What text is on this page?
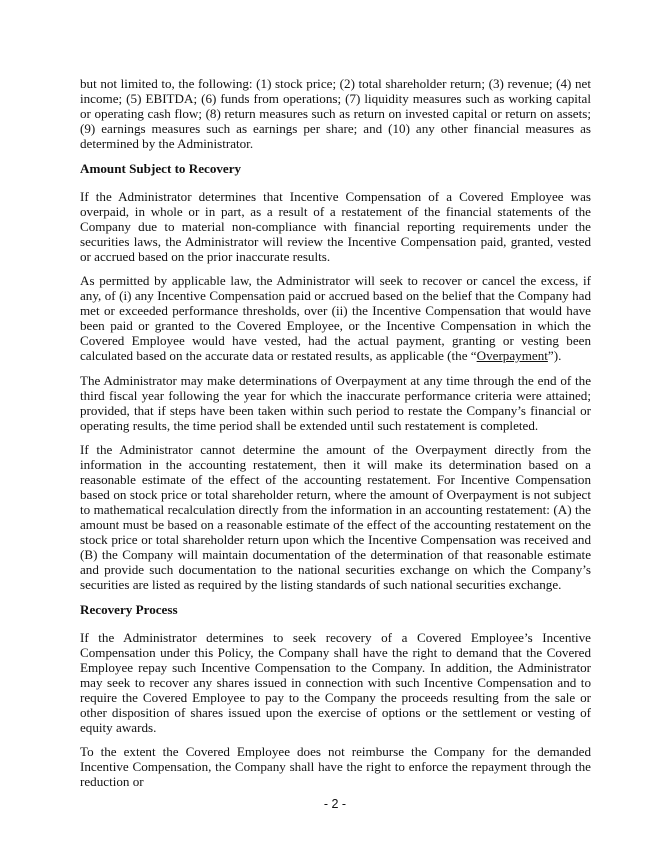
but not limited to, the following: (1) stock price; (2) total shareholder return; (3) revenue; (4) net income; (5) EBITDA; (6) funds from operations; (7) liquidity measures such as working capital or operating cash flow; (8) return measures such as return on invested capital or return on assets; (9) earnings measures such as earnings per share; and (10) any other financial measures as determined by the Administrator.

Amount Subject to Recovery

If the Administrator determines that Incentive Compensation of a Covered Employee was overpaid, in whole or in part, as a result of a restatement of the financial statements of the Company due to material non-compliance with financial reporting requirements under the securities laws, the Administrator will review the Incentive Compensation paid, granted, vested or accrued based on the prior inaccurate results.

As permitted by applicable law, the Administrator will seek to recover or cancel the excess, if any, of (i) any Incentive Compensation paid or accrued based on the belief that the Company had met or exceeded performance thresholds, over (ii) the Incentive Compensation that would have been paid or granted to the Covered Employee, or the Incentive Compensation in which the Covered Employee would have vested, had the actual payment, granting or vesting been calculated based on the accurate data or restated results, as applicable (the “Overpayment”).

The Administrator may make determinations of Overpayment at any time through the end of the third fiscal year following the year for which the inaccurate performance criteria were attained; provided, that if steps have been taken within such period to restate the Company’s financial or operating results, the time period shall be extended until such restatement is completed.

If the Administrator cannot determine the amount of the Overpayment directly from the information in the accounting restatement, then it will make its determination based on a reasonable estimate of the effect of the accounting restatement. For Incentive Compensation based on stock price or total shareholder return, where the amount of Overpayment is not subject to mathematical recalculation directly from the information in an accounting restatement: (A) the amount must be based on a reasonable estimate of the effect of the accounting restatement on the stock price or total shareholder return upon which the Incentive Compensation was received and (B) the Company will maintain documentation of the determination of that reasonable estimate and provide such documentation to the national securities exchange on which the Company’s securities are listed as required by the listing standards of such national securities exchange.

Recovery Process

If the Administrator determines to seek recovery of a Covered Employee’s Incentive Compensation under this Policy, the Company shall have the right to demand that the Covered Employee repay such Incentive Compensation to the Company. In addition, the Administrator may seek to recover any shares issued in connection with such Incentive Compensation and to require the Covered Employee to pay to the Company the proceeds resulting from the sale or other disposition of shares issued upon the exercise of options or the settlement or vesting of equity awards.

To the extent the Covered Employee does not reimburse the Company for the demanded Incentive Compensation, the Company shall have the right to enforce the repayment through the reduction or

- 2 -
